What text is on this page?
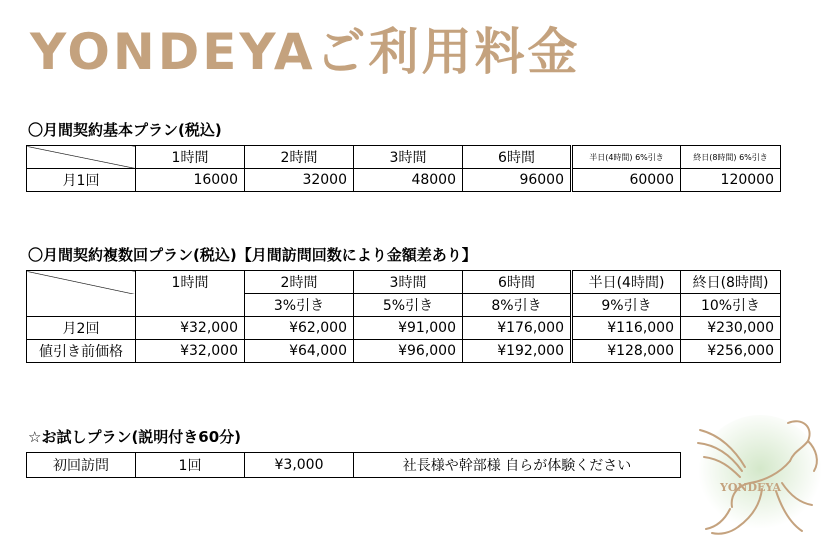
YONDEYAご利用料金
〇月間契約基本プラン(税込)
	1時間	2時間	3時間	6時間	半日(4時間) 6%引き	終日(8時間) 6%引き
月1回	16000	32000	48000	96000	60000	120000
〇月間契約複数回プラン(税込)【月間訪問回数により金額差あり】
	1時間	2時間	3時間	6時間	半日(4時間)	終日(8時間)
		3%引き	5%引き	8%引き	9%引き	10%引き
月2回	¥32,000	¥62,000	¥91,000	¥176,000	¥116,000	¥230,000
値引き前価格	¥32,000	¥64,000	¥96,000	¥192,000	¥128,000	¥256,000
☆お試しプラン(説明付き60分)
初回訪問	1回	¥3,000	社長様や幹部様 自らが体験ください
YONDEYA
